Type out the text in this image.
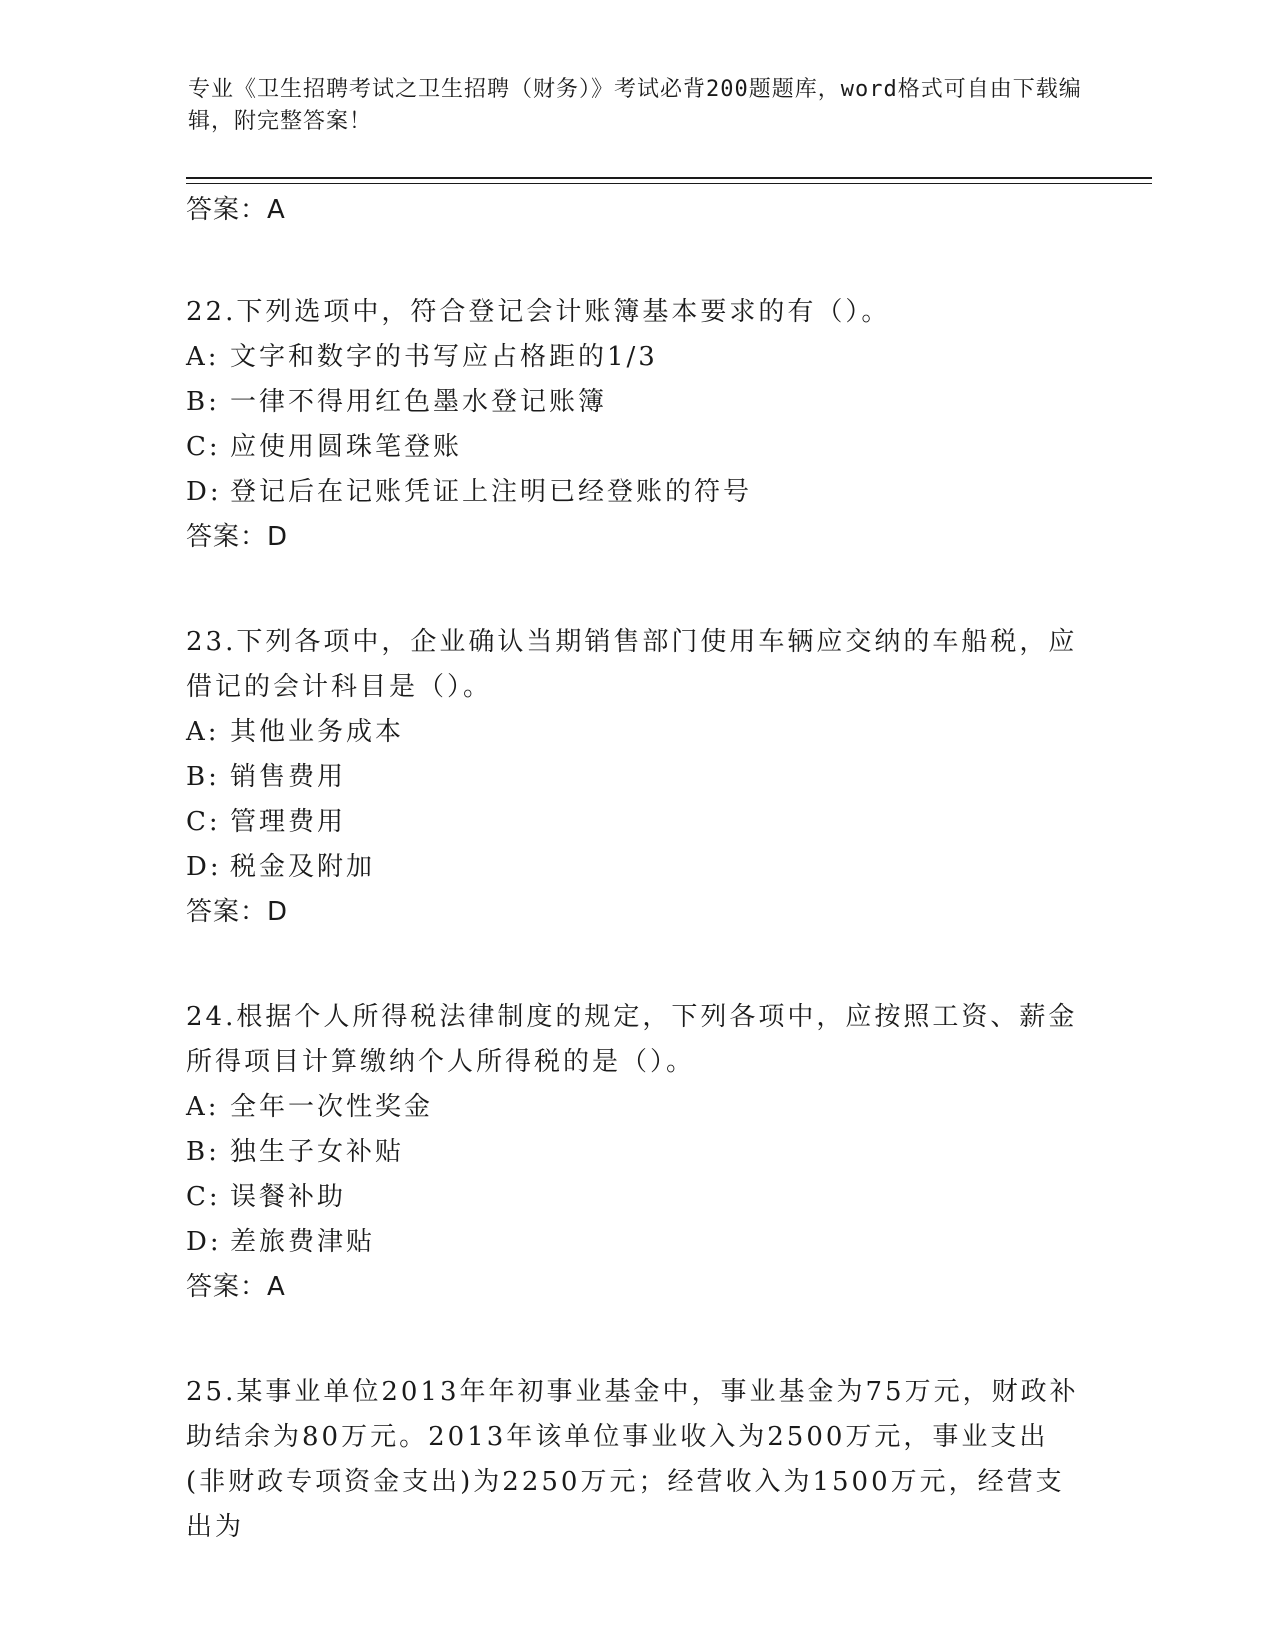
专业《卫生招聘考试之卫生招聘（财务）》考试必背200题题库，word格式可自由下载编辑，附完整答案！
答案：A
22.下列选项中，符合登记会计账簿基本要求的有（）。
A: 文字和数字的书写应占格距的1/3
B: 一律不得用红色墨水登记账簿
C: 应使用圆珠笔登账
D: 登记后在记账凭证上注明已经登账的符号
答案：D
23.下列各项中，企业确认当期销售部门使用车辆应交纳的车船税，应借记的会计科目是（）。
A: 其他业务成本
B: 销售费用
C: 管理费用
D: 税金及附加
答案：D
24.根据个人所得税法律制度的规定，下列各项中，应按照工资、薪金所得项目计算缴纳个人所得税的是（）。
A: 全年一次性奖金
B: 独生子女补贴
C: 误餐补助
D: 差旅费津贴
答案：A
25.某事业单位2013年年初事业基金中，事业基金为75万元，财政补助结余为80万元。2013年该单位事业收入为2500万元，事业支出(非财政专项资金支出)为2250万元；经营收入为1500万元，经营支出为
